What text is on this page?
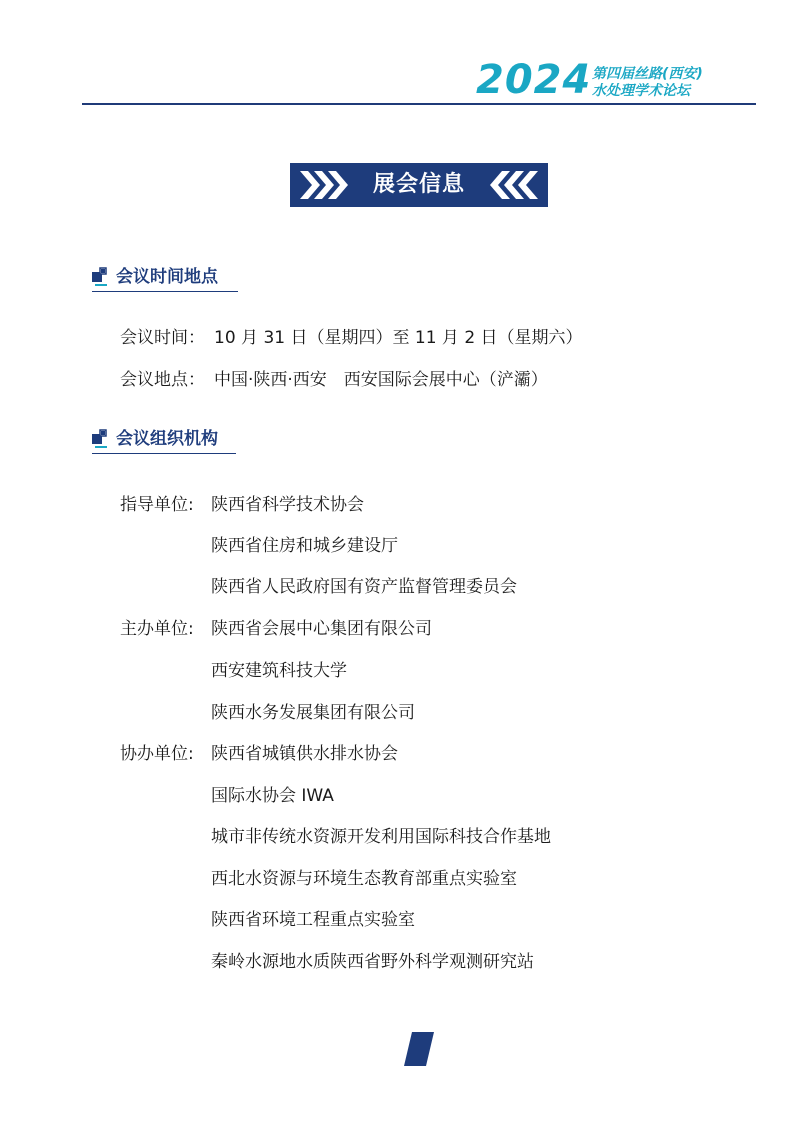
2024 第四届丝路(西安)
水处理学术论坛
展会信息
会议时间地点
会议时间： 10 月 31 日（星期四）至 11 月 2 日（星期六）
会议地点： 中国·陕西·西安　西安国际会展中心（浐灞）
会议组织机构
指导单位: 陕西省科学技术协会
陕西省住房和城乡建设厅
陕西省人民政府国有资产监督管理委员会
主办单位: 陕西省会展中心集团有限公司
西安建筑科技大学
陕西水务发展集团有限公司
协办单位: 陕西省城镇供水排水协会
国际水协会 IWA
城市非传统水资源开发利用国际科技合作基地
西北水资源与环境生态教育部重点实验室
陕西省环境工程重点实验室
秦岭水源地水质陕西省野外科学观测研究站
